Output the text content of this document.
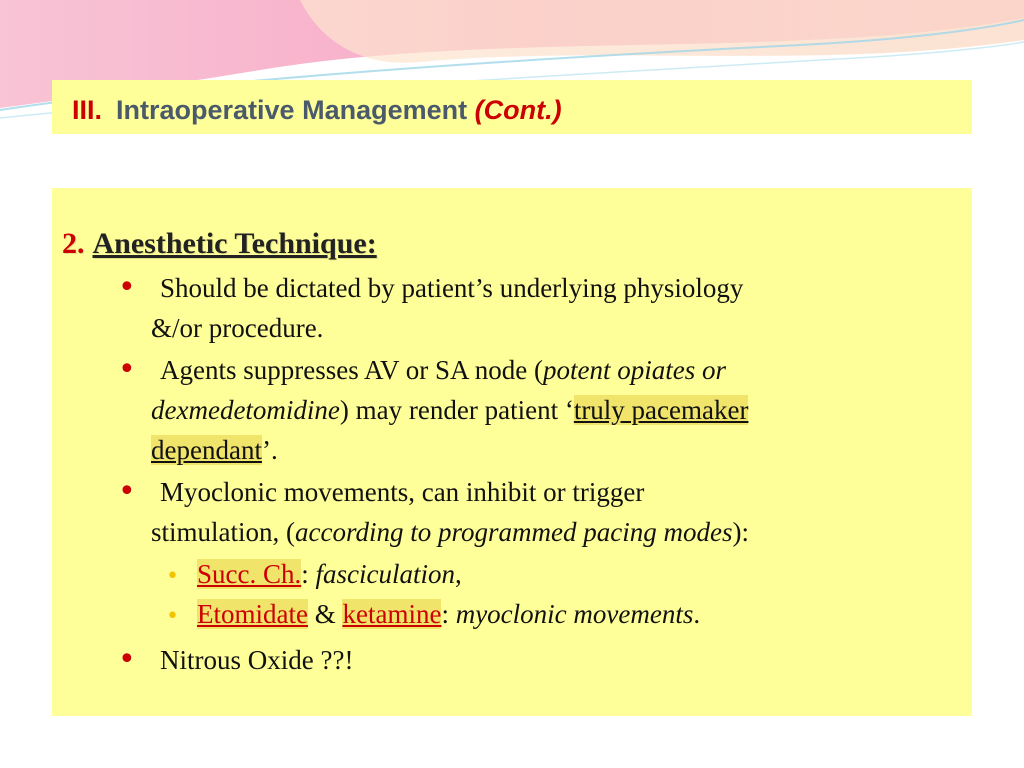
III. Intraoperative Management (Cont.)
2. Anesthetic Technique:
• Should be dictated by patient’s underlying physiology
&/or procedure.
• Agents suppresses AV or SA node (potent opiates or
dexmedetomidine) may render patient ‘truly pacemaker
dependant’.
• Myoclonic movements, can inhibit or trigger
stimulation, (according to programmed pacing modes):
• Succ. Ch.: fasciculation,
• Etomidate & ketamine: myoclonic movements.
• Nitrous Oxide ??!
